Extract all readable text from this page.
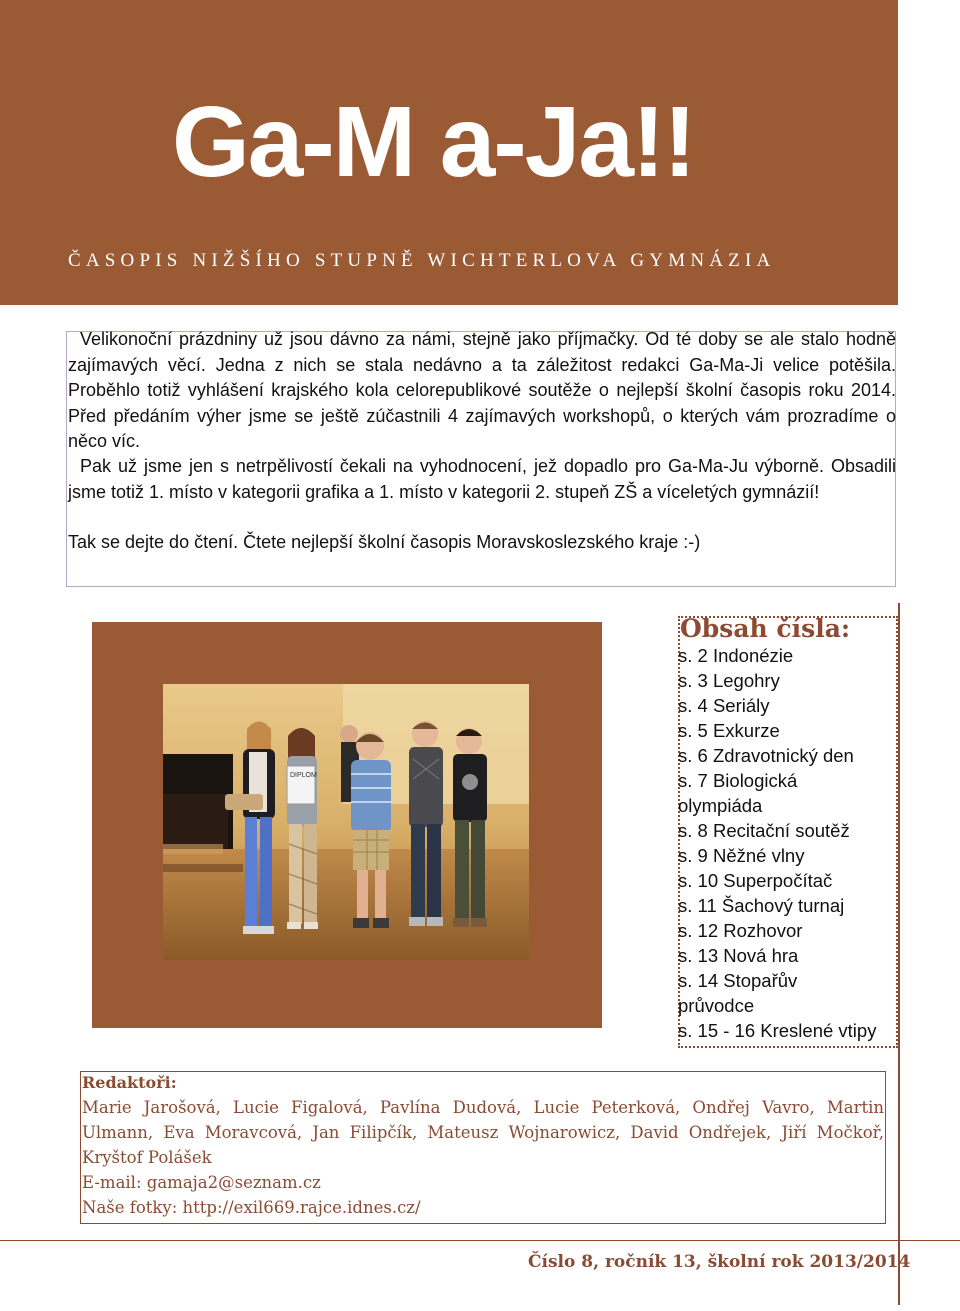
Ga-M a-Ja!!
ČASOPIS NIŽŠÍHO STUPNĚ WICHTERLOVA GYMNÁZIA

Velikonoční prázdniny už jsou dávno za námi, stejně jako příjmačky. Od té doby se ale stalo hodně zajímavých věcí. Jedna z nich se stala nedávno a ta záležitost redakci Ga-Ma-Ji velice potěšila. Proběhlo totiž vyhlášení krajského kola celorepublikové soutěže o nejlepší školní časopis roku 2014. Před předáním výher jsme se ještě zúčastnili 4 zajímavých workshopů, o kterých vám prozradíme o něco víc.

Pak už jsme jen s netrpělivostí čekali na vyhodnocení, jež dopadlo pro Ga-Ma-Ju výborně. Obsadili jsme totiž 1. místo v kategorii grafika a 1. místo v kategorii 2. stupeň ZŠ a víceletých gymnázií!

Tak se dejte do čtení. Čtete nejlepší školní časopis Moravskoslezského kraje :-)

DIPLOM
Obsah čísla:
s. 2 Indonézie
s. 3 Legohry
s. 4 Seriály
s. 5 Exkurze
s. 6 Zdravotnický den
s. 7 Biologická
olympiáda
s. 8 Recitační soutěž
s. 9 Něžné vlny
s. 10 Superpočítač
s. 11 Šachový turnaj
s. 12 Rozhovor
s. 13 Nová hra
s. 14 Stopařův
průvodce
s. 15 - 16 Kreslené vtipy
Redaktoři:

Marie Jarošová, Lucie Figalová, Pavlína Dudová, Lucie Peterková, Ondřej Vavro, Martin Ulmann, Eva Moravcová, Jan Filipčík, Mateusz Wojnarowicz, David Ondřejek, Jiří Močkoř, Kryštof Polášek

E-mail: gamaja2@seznam.cz

Naše fotky: http://exil669.rajce.idnes.cz/

Číslo 8, ročník 13, školní rok 2013/2014
